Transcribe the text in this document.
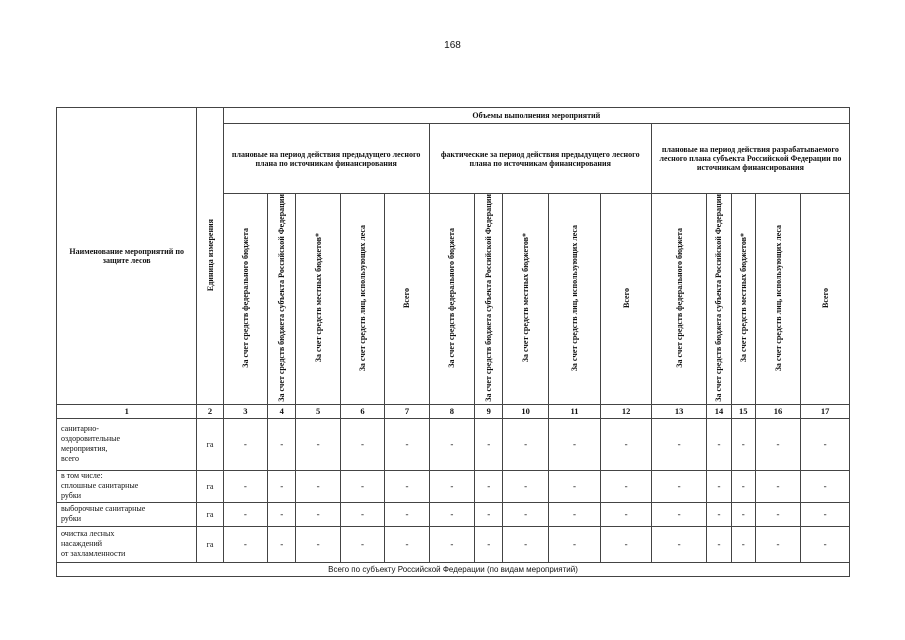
168
Наименование мероприятий по защите лесов	Единица измерения	Объемы выполнения мероприятий														
		плановые на период действия предыдущего лесного плана по источникам финансирования					фактические за период действия предыдущего лесного плана по источникам финансирования					плановые на период действия разрабатываемого лесного плана субъекта Российской Федерации по источникам финансирования				
		За счет средств федерального бюджета	За счет средств бюджета субъекта Российской Федерации	За счет средств местных бюджетов*	За счет средств лиц, использующих леса	Всего	За счет средств федерального бюджета	За счет средств бюджета субъекта Российской Федерации	За счет средств местных бюджетов*	За счет средств лиц, использующих леса	Всего	За счет средств федерального бюджета	За счет средств бюджета субъекта Российской Федерации	За счет средств местных бюджетов*	За счет средств лиц, использующих леса	Всего
1	2	3	4	5	6	7	8	9	10	11	12	13	14	15	16	17
санитарно-
оздоровительные
мероприятия,
всего	га	-	-	-	-	-	-	-	-	-	-	-	-	-	-	-
в том числе:
сплошные санитарные
рубки	га	-	-	-	-	-	-	-	-	-	-	-	-	-	-	-
выборочные санитарные
рубки	га	-	-	-	-	-	-	-	-	-	-	-	-	-	-	-
очистка лесных
насаждений
от захламленности	га	-	-	-	-	-	-	-	-	-	-	-	-	-	-	-
Всего по субъекту Российской Федерации (по видам мероприятий)																
